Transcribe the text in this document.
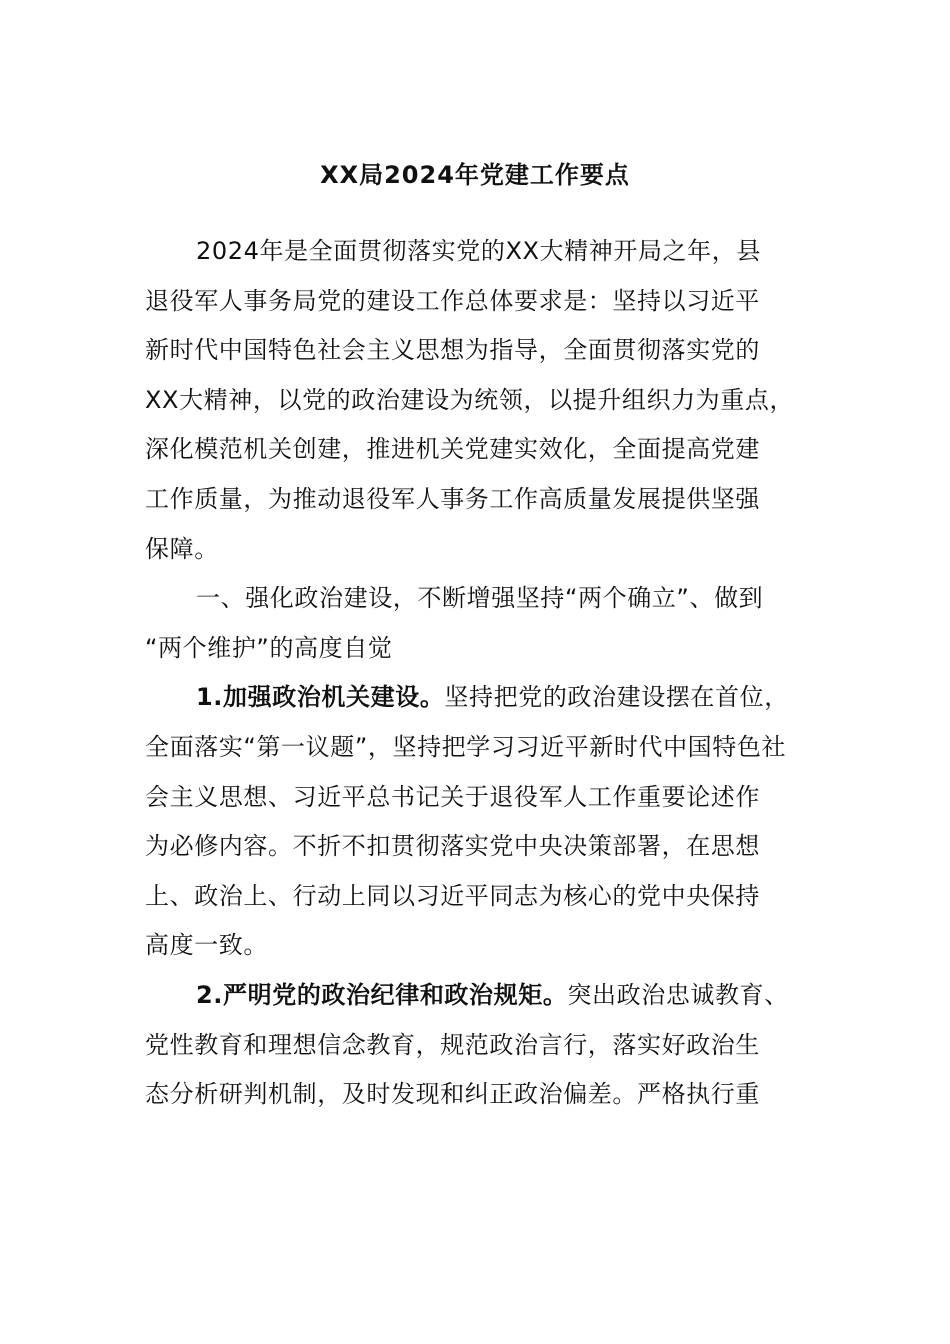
XX局2024年党建工作要点
2024年是全面贯彻落实党的XX大精神开局之年，县
退役军人事务局党的建设工作总体要求是：坚持以习近平
新时代中国特色社会主义思想为指导，全面贯彻落实党的
XX大精神，以党的政治建设为统领，以提升组织力为重点，
深化模范机关创建，推进机关党建实效化，全面提高党建
工作质量，为推动退役军人事务工作高质量发展提供坚强
保障。
一、强化政治建设，不断增强坚持“两个确立”、做到
“两个维护”的高度自觉
1.加强政治机关建设。坚持把党的政治建设摆在首位，
全面落实“第一议题”，坚持把学习习近平新时代中国特色社
会主义思想、习近平总书记关于退役军人工作重要论述作
为必修内容。不折不扣贯彻落实党中央决策部署，在思想
上、政治上、行动上同以习近平同志为核心的党中央保持
高度一致。
2.严明党的政治纪律和政治规矩。突出政治忠诚教育、
党性教育和理想信念教育，规范政治言行，落实好政治生
态分析研判机制，及时发现和纠正政治偏差。严格执行重
